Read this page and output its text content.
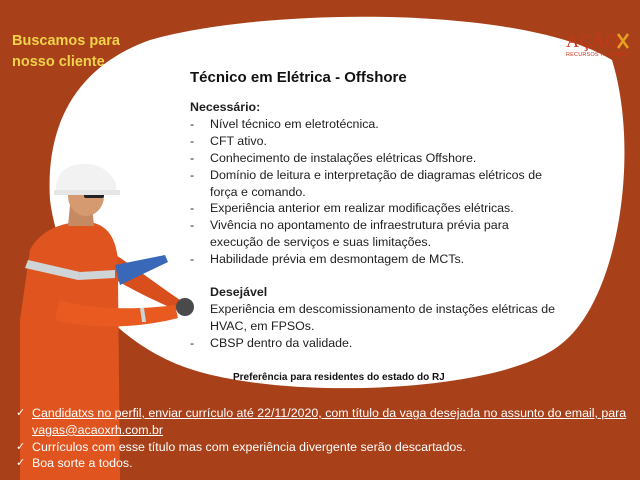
Buscamos para
nosso cliente
AÇÃO
RECURSOS HUMANOS
Técnico em Elétrica - Offshore
Necessário:
- Nível técnico em eletrotécnica.
- CFT ativo.
- Conhecimento de instalações elétricas Offshore.
- Domínio de leitura e interpretação de diagramas elétricos de força e comando.
- Experiência anterior em realizar modificações elétricas.
- Vivência no apontamento de infraestrutura prévia para execução de serviços e suas limitações.
- Habilidade prévia em desmontagem de MCTs.
Desejável
Experiência em descomissionamento de instações elétricas de HVAC, em FPSOs.
- CBSP dentro da validade.
Preferência para residentes do estado do RJ
✓ Candidatxs no perfil, enviar currículo até 22/11/2020, com título da vaga desejada no assunto do email, para vagas@acaoxrh.com.br
✓ Currículos com esse título mas com experiência divergente serão descartados.
✓ Boa sorte a todos.
